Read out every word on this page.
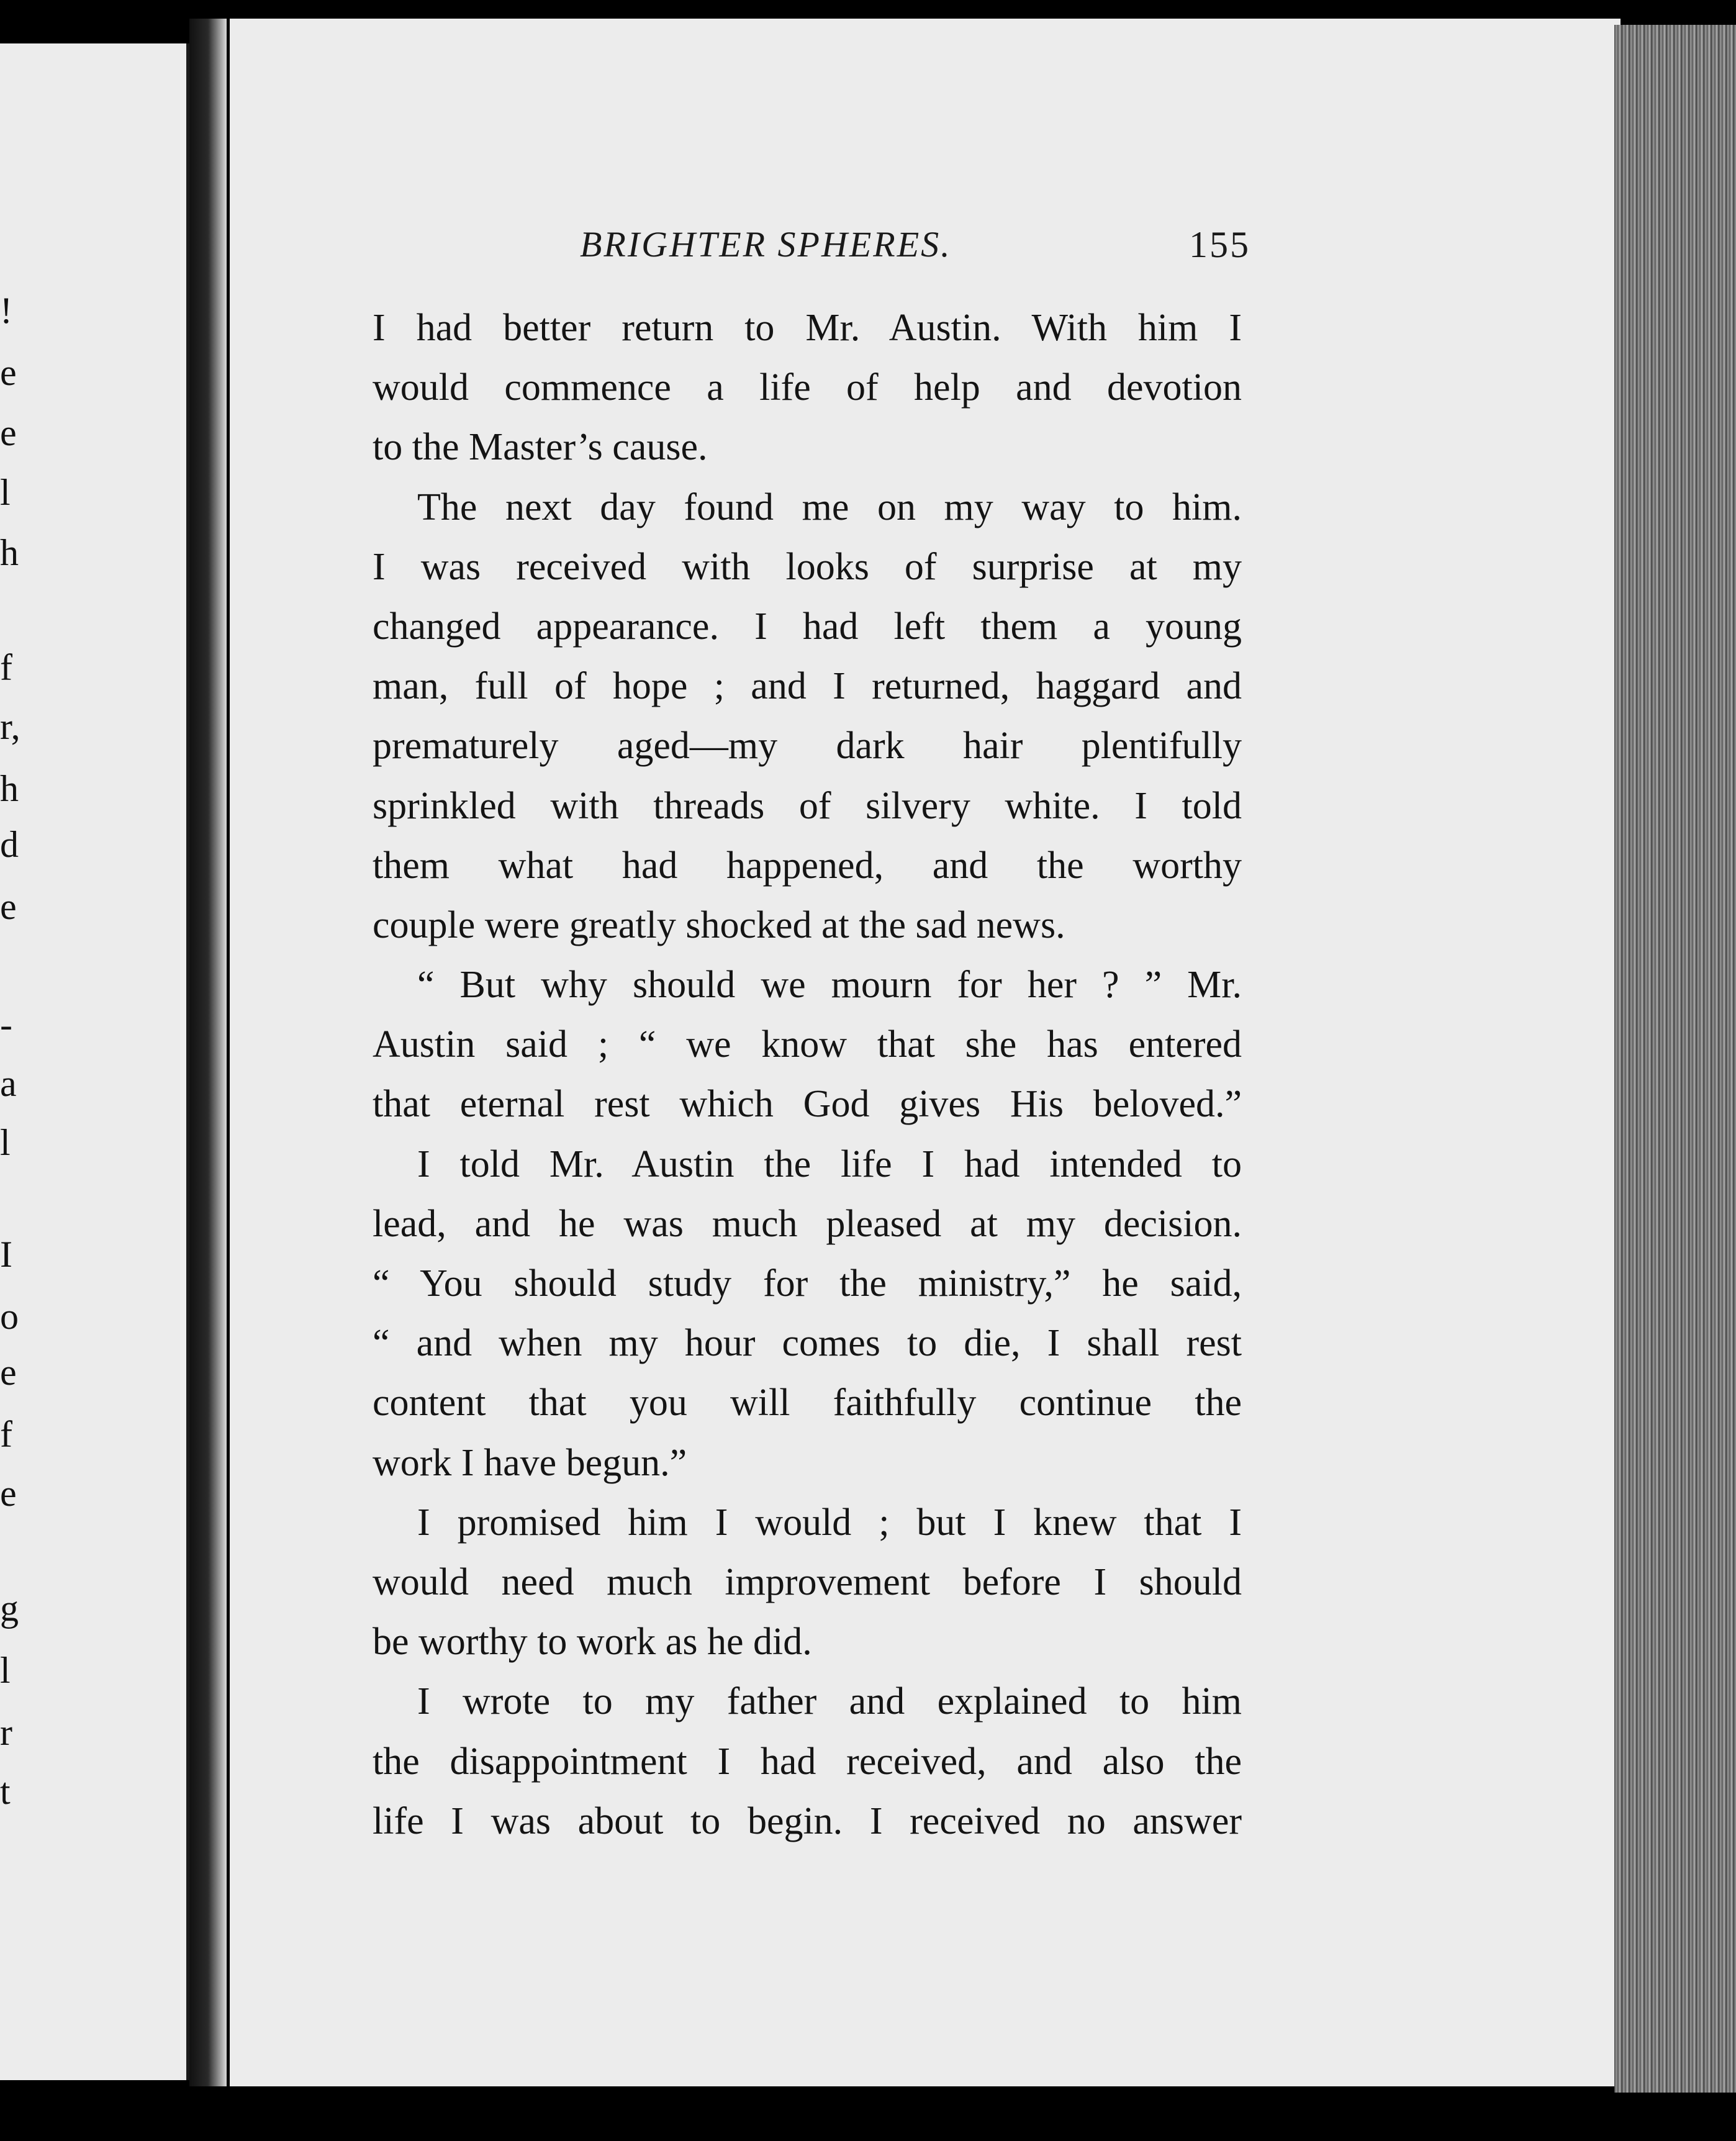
!
e
e
l
h
f
r,
h
d
e
-
a
l
I
o
e
f
e
g
l
r
t
BRIGHTER SPHERES.	155
I had better return to Mr. Austin. With him I
would commence a life of help and devotion
to the Master’s cause.
The next day found me on my way to him.
I was received with looks of surprise at my
changed appearance. I had left them a young
man, full of hope ; and I returned, haggard and
prematurely aged—my dark hair plentifully
sprinkled with threads of silvery white. I told
them what had happened, and the worthy
couple were greatly shocked at the sad news.
“ But why should we mourn for her ? ” Mr.
Austin said ; “ we know that she has entered
that eternal rest which God gives His beloved.”
I told Mr. Austin the life I had intended to
lead, and he was much pleased at my decision.
“ You should study for the ministry,” he said,
“ and when my hour comes to die, I shall rest
content that you will faithfully continue the
work I have begun.”
I promised him I would ; but I knew that I
would need much improvement before I should
be worthy to work as he did.
I wrote to my father and explained to him
the disappointment I had received, and also the
life I was about to begin. I received no answer
